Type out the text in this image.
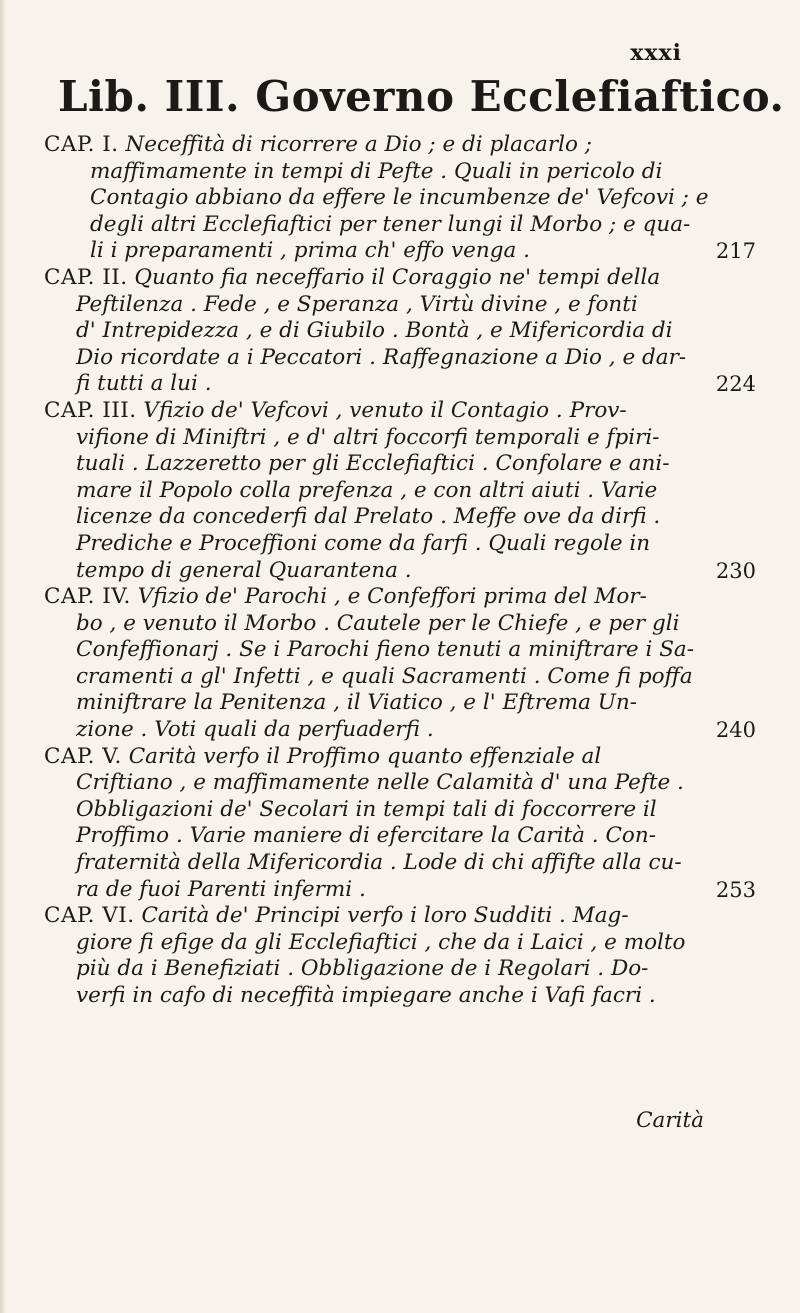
xxxi
Lib. III. Governo Ecclefiaftico.
CAP. I. Neceffità di ricorrere a Dio ; e di placarlo ;
maffimamente in tempi di Pefte . Quali in pericolo di
Contagio abbiano da effere le incumbenze de' Vefcovi ; e
degli altri Ecclefiaftici per tener lungi il Morbo ; e qua-
li i preparamenti , prima ch' effo venga .	217
CAP. II. Quanto fia neceffario il Coraggio ne' tempi della
Peftilenza . Fede , e Speranza , Virtù divine , e fonti
d' Intrepidezza , e di Giubilo . Bontà , e Mifericordia di
Dio ricordate a i Peccatori . Raffegnazione a Dio , e dar-
fi tutti a lui .	224
CAP. III. Vfizio de' Vefcovi , venuto il Contagio . Prov-
vifione di Miniftri , e d' altri foccorfi temporali e fpiri-
tuali . Lazzeretto per gli Ecclefiaftici . Confolare e ani-
mare il Popolo colla prefenza , e con altri aiuti . Varie
licenze da concederfi dal Prelato . Meffe ove da dirfi .
Prediche e Proceffioni come da farfi . Quali regole in
tempo di general Quarantena .	230
CAP. IV. Vfizio de' Parochi , e Confeffori prima del Mor-
bo , e venuto il Morbo . Cautele per le Chiefe , e per gli
Confeffionarj . Se i Parochi fieno tenuti a miniftrare i Sa-
cramenti a gl' Infetti , e quali Sacramenti . Come fi poffa
miniftrare la Penitenza , il Viatico , e l' Eftrema Un-
zione . Voti quali da perfuaderfi .	240
CAP. V. Carità verfo il Proffimo quanto effenziale al
Criftiano , e maffimamente nelle Calamità d' una Pefte .
Obbligazioni de' Secolari in tempi tali di foccorrere il
Proffimo . Varie maniere di efercitare la Carità . Con-
fraternità della Mifericordia . Lode di chi affifte alla cu-
ra de fuoi Parenti infermi .	253
CAP. VI. Carità de' Principi verfo i loro Sudditi . Mag-
giore fi efige da gli Ecclefiaftici , che da i Laici , e molto
più da i Benefiziati . Obbligazione de i Regolari . Do-
verfi in cafo di neceffità impiegare anche i Vafi facri .
Carità
